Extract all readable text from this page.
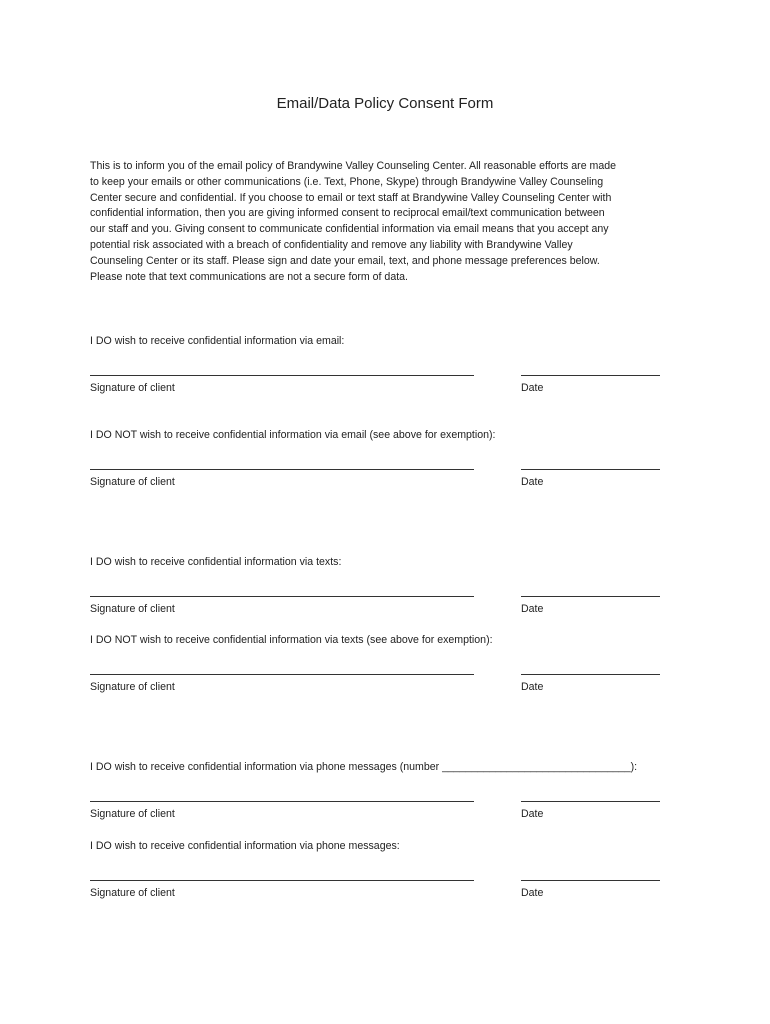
Email/Data Policy Consent Form
This is to inform you of the email policy of Brandywine Valley Counseling Center. All reasonable efforts are made
to keep your emails or other communications (i.e. Text, Phone, Skype) through Brandywine Valley Counseling
Center secure and confidential. If you choose to email or text staff at Brandywine Valley Counseling Center with
confidential information, then you are giving informed consent to reciprocal email/text communication between
our staff and you. Giving consent to communicate confidential information via email means that you accept any
potential risk associated with a breach of confidentiality and remove any liability with Brandywine Valley
Counseling Center or its staff. Please sign and date your email, text, and phone message preferences below.
Please note that text communications are not a secure form of data.
I DO wish to receive confidential information via email:
Signature of client	Date
I DO NOT wish to receive confidential information via email (see above for exemption):
Signature of client	Date
I DO wish to receive confidential information via texts:
Signature of client	Date
I DO NOT wish to receive confidential information via texts (see above for exemption):
Signature of client	Date
I DO wish to receive confidential information via phone messages (number ________________________________):
Signature of client	Date
I DO wish to receive confidential information via phone messages:
Signature of client	Date
